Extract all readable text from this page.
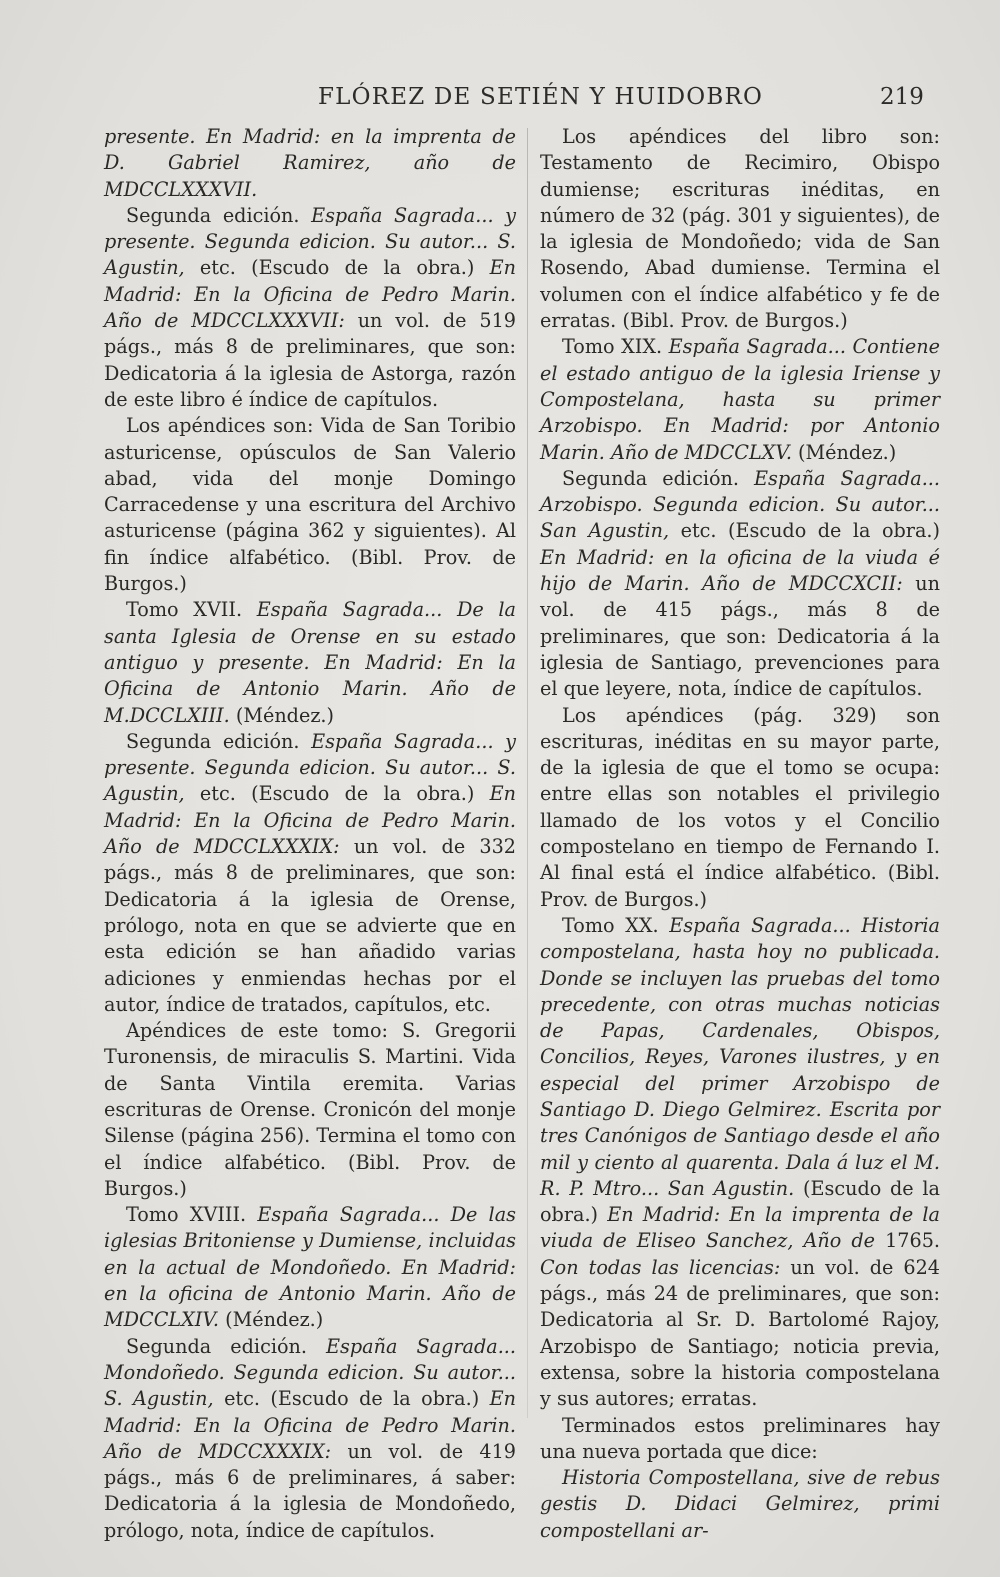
FLÓREZ DE SETIÉN Y HUIDOBRO	219

presente. En Madrid: en la imprenta de D. Gabriel Ramirez, año de MDCCLXXXVII.

Segunda edición. España Sagrada... y presente. Segunda edicion. Su autor... S. Agustin, etc. (Escudo de la obra.) En Madrid: En la Oficina de Pedro Marin. Año de MDCCLXXXVII: un vol. de 519 págs., más 8 de preliminares, que son: Dedicatoria á la iglesia de Astorga, razón de este libro é índice de capítulos.

Los apéndices son: Vida de San Toribio asturicense, opúsculos de San Valerio abad, vida del monje Domingo Carracedense y una escritura del Archivo asturicense (página 362 y siguientes). Al fin índice alfabético. (Bibl. Prov. de Burgos.)

Tomo XVII. España Sagrada... De la santa Iglesia de Orense en su estado antiguo y presente. En Madrid: En la Oficina de Antonio Marin. Año de M.DCCLXIII. (Méndez.)

Segunda edición. España Sagrada... y presente. Segunda edicion. Su autor... S. Agustin, etc. (Escudo de la obra.) En Madrid: En la Oficina de Pedro Marin. Año de MDCCLXXXIX: un vol. de 332 págs., más 8 de preliminares, que son: Dedicatoria á la iglesia de Orense, prólogo, nota en que se advierte que en esta edición se han añadido varias adiciones y enmiendas hechas por el autor, índice de tratados, capítulos, etc.

Apéndices de este tomo: S. Gregorii Turonensis, de miraculis S. Martini. Vida de Santa Vintila eremita. Varias escrituras de Orense. Cronicón del monje Silense (página 256). Termina el tomo con el índice alfabético. (Bibl. Prov. de Burgos.)

Tomo XVIII. España Sagrada... De las iglesias Britoniense y Dumiense, incluidas en la actual de Mondoñedo. En Madrid: en la oficina de Antonio Marin. Año de MDCCLXIV. (Méndez.)

Segunda edición. España Sagrada... Mondoñedo. Segunda edicion. Su autor... S. Agustin, etc. (Escudo de la obra.) En Madrid: En la Oficina de Pedro Marin. Año de MDCCXXXIX: un vol. de 419 págs., más 6 de preliminares, á saber: Dedicatoria á la iglesia de Mondoñedo, prólogo, nota, índice de capítulos.

Los apéndices del libro son: Testamento de Recimiro, Obispo dumiense; escrituras inéditas, en número de 32 (pág. 301 y siguientes), de la iglesia de Mondoñedo; vida de San Rosendo, Abad dumiense. Termina el volumen con el índice alfabético y fe de erratas. (Bibl. Prov. de Burgos.)

Tomo XIX. España Sagrada... Contiene el estado antiguo de la iglesia Iriense y Compostelana, hasta su primer Arzobispo. En Madrid: por Antonio Marin. Año de MDCCLXV. (Méndez.)

Segunda edición. España Sagrada... Arzobispo. Segunda edicion. Su autor... San Agustin, etc. (Escudo de la obra.) En Madrid: en la oficina de la viuda é hijo de Marin. Año de MDCCXCII: un vol. de 415 págs., más 8 de preliminares, que son: Dedicatoria á la iglesia de Santiago, prevenciones para el que leyere, nota, índice de capítulos.

Los apéndices (pág. 329) son escrituras, inéditas en su mayor parte, de la iglesia de que el tomo se ocupa: entre ellas son notables el privilegio llamado de los votos y el Concilio compostelano en tiempo de Fernando I. Al final está el índice alfabético. (Bibl. Prov. de Burgos.)

Tomo XX. España Sagrada... Historia compostelana, hasta hoy no publicada. Donde se incluyen las pruebas del tomo precedente, con otras muchas noticias de Papas, Cardenales, Obispos, Concilios, Reyes, Varones ilustres, y en especial del primer Arzobispo de Santiago D. Diego Gelmirez. Escrita por tres Canónigos de Santiago desde el año mil y ciento al quarenta. Dala á luz el M. R. P. Mtro... San Agustin. (Escudo de la obra.) En Madrid: En la imprenta de la viuda de Eliseo Sanchez, Año de 1765. Con todas las licencias: un vol. de 624 págs., más 24 de preliminares, que son: Dedicatoria al Sr. D. Bartolomé Rajoy, Arzobispo de Santiago; noticia previa, extensa, sobre la historia compostelana y sus autores; erratas.

Terminados estos preliminares hay una nueva portada que dice:

Historia Compostellana, sive de rebus gestis D. Didaci Gelmirez, primi compostellani ar-
